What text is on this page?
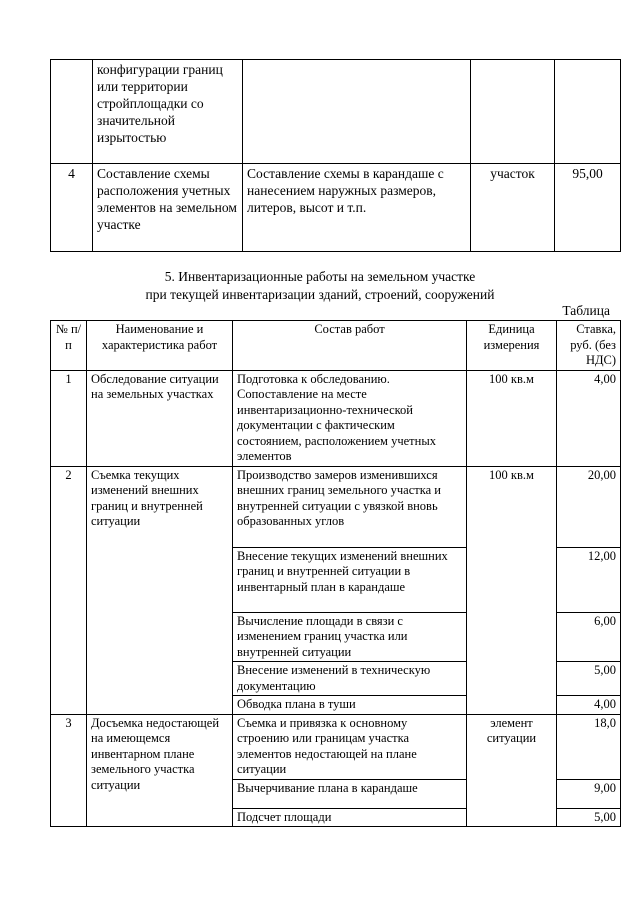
	конфигурации границ или территории стройплощадки со значительной изрытостью			
4	Составление схемы расположения учетных элементов на земельном участке	Составление схемы в карандаше с нанесением наружных размеров, литеров, высот и т.п.	участок	95,00
5. Инвентаризационные работы на земельном участке
при текущей инвентаризации зданий, строений, сооружений
Таблица
№ п/п	Наименование и характеристика работ	Состав работ	Единица измерения	Ставка, руб. (без НДС)
1	Обследование ситуации на земельных участках	Подготовка к обследованию. Сопоставление на месте инвентаризационно-технической документации с фактическим состоянием, расположением учетных элементов	100 кв.м	4,00
2	Съемка текущих изменений внешних границ и внутренней ситуации	Производство замеров изменившихся внешних границ земельного участка и внутренней ситуации с увязкой вновь образованных углов	100 кв.м	20,00
		Внесение текущих изменений внешних границ и внутренней ситуации в инвентарный план в карандаше		12,00
		Вычисление площади в связи с изменением границ участка или внутренней ситуации		6,00
		Внесение изменений в техническую документацию		5,00
		Обводка плана в туши		4,00
3	Досъемка недостающей на имеющемся инвентарном плане земельного участка ситуации	Съемка и привязка к основному строению или границам участка элементов недостающей на плане ситуации	элемент ситуации	18,0
		Вычерчивание плана в карандаше		9,00
		Подсчет площади		5,00
